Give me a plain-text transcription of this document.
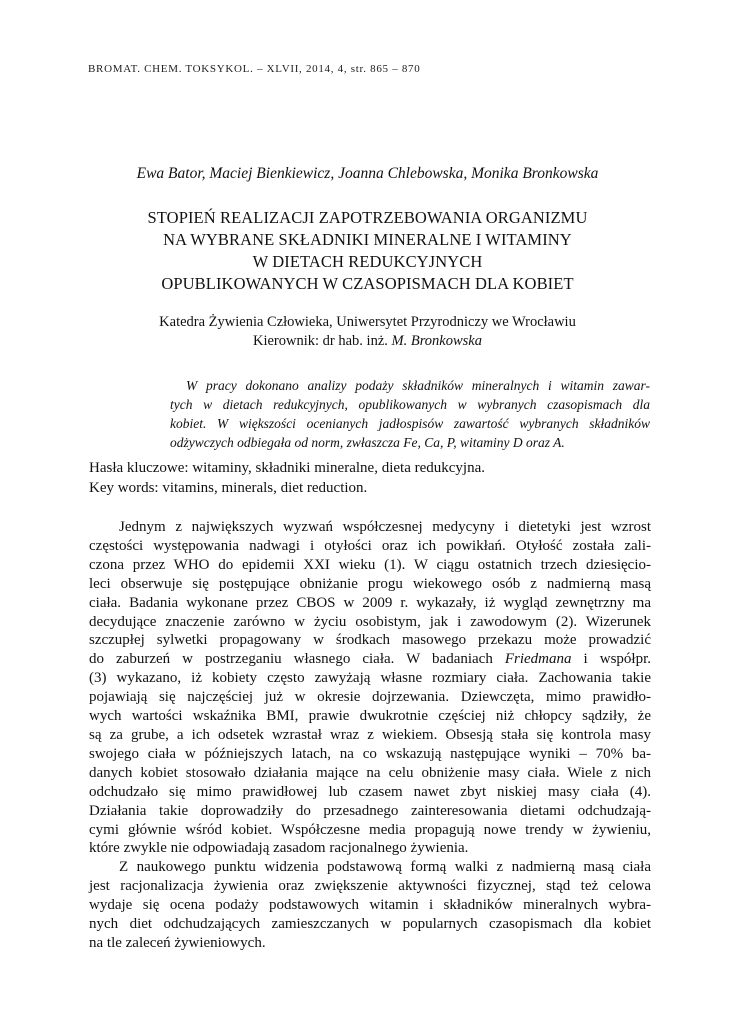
BROMAT. CHEM. TOKSYKOL. – XLVII, 2014, 4, str. 865 – 870
Ewa Bator, Maciej Bienkiewicz, Joanna Chlebowska, Monika Bronkowska
STOPIEŃ REALIZACJI ZAPOTRZEBOWANIA ORGANIZMU
NA WYBRANE SKŁADNIKI MINERALNE I WITAMINY
W DIETACH REDUKCYJNYCH
OPUBLIKOWANYCH W CZASOPISMACH DLA KOBIET
Katedra Żywienia Człowieka, Uniwersytet Przyrodniczy we Wrocławiu
Kierownik: dr hab. inż. M. Bronkowska
W pracy dokonano analizy podaży składników mineralnych i witamin zawar-
tych w dietach redukcyjnych, opublikowanych w wybranych czasopismach dla
kobiet. W większości ocenianych jadłospisów zawartość wybranych składników
odżywczych odbiegała od norm, zwłaszcza Fe, Ca, P, witaminy D oraz A.
Hasła kluczowe: witaminy, składniki mineralne, dieta redukcyjna.
Key words: vitamins, minerals, diet reduction.
Jednym z największych wyzwań współczesnej medycyny i dietetyki jest wzrost
częstości występowania nadwagi i otyłości oraz ich powikłań. Otyłość została zali-
czona przez WHO do epidemii XXI wieku (1). W ciągu ostatnich trzech dziesięcio-
leci obserwuje się postępujące obniżanie progu wiekowego osób z nadmierną masą
ciała. Badania wykonane przez CBOS w 2009 r. wykazały, iż wygląd zewnętrzny ma
decydujące znaczenie zarówno w życiu osobistym, jak i zawodowym (2). Wizerunek
szczupłej sylwetki propagowany w środkach masowego przekazu może prowadzić
do zaburzeń w postrzeganiu własnego ciała. W badaniach Friedmana i współpr.
(3) wykazano, iż kobiety często zawyżają własne rozmiary ciała. Zachowania takie
pojawiają się najczęściej już w okresie dojrzewania. Dziewczęta, mimo prawidło-
wych wartości wskaźnika BMI, prawie dwukrotnie częściej niż chłopcy sądziły, że
są za grube, a ich odsetek wzrastał wraz z wiekiem. Obsesją stała się kontrola masy
swojego ciała w późniejszych latach, na co wskazują następujące wyniki – 70% ba-
danych kobiet stosowało działania mające na celu obniżenie masy ciała. Wiele z nich
odchudzało się mimo prawidłowej lub czasem nawet zbyt niskiej masy ciała (4).
Działania takie doprowadziły do przesadnego zainteresowania dietami odchudzają-
cymi głównie wśród kobiet. Współczesne media propagują nowe trendy w żywieniu,
które zwykle nie odpowiadają zasadom racjonalnego żywienia.
Z naukowego punktu widzenia podstawową formą walki z nadmierną masą ciała
jest racjonalizacja żywienia oraz zwiększenie aktywności fizycznej, stąd też celowa
wydaje się ocena podaży podstawowych witamin i składników mineralnych wybra-
nych diet odchudzających zamieszczanych w popularnych czasopismach dla kobiet
na tle zaleceń żywieniowych.
